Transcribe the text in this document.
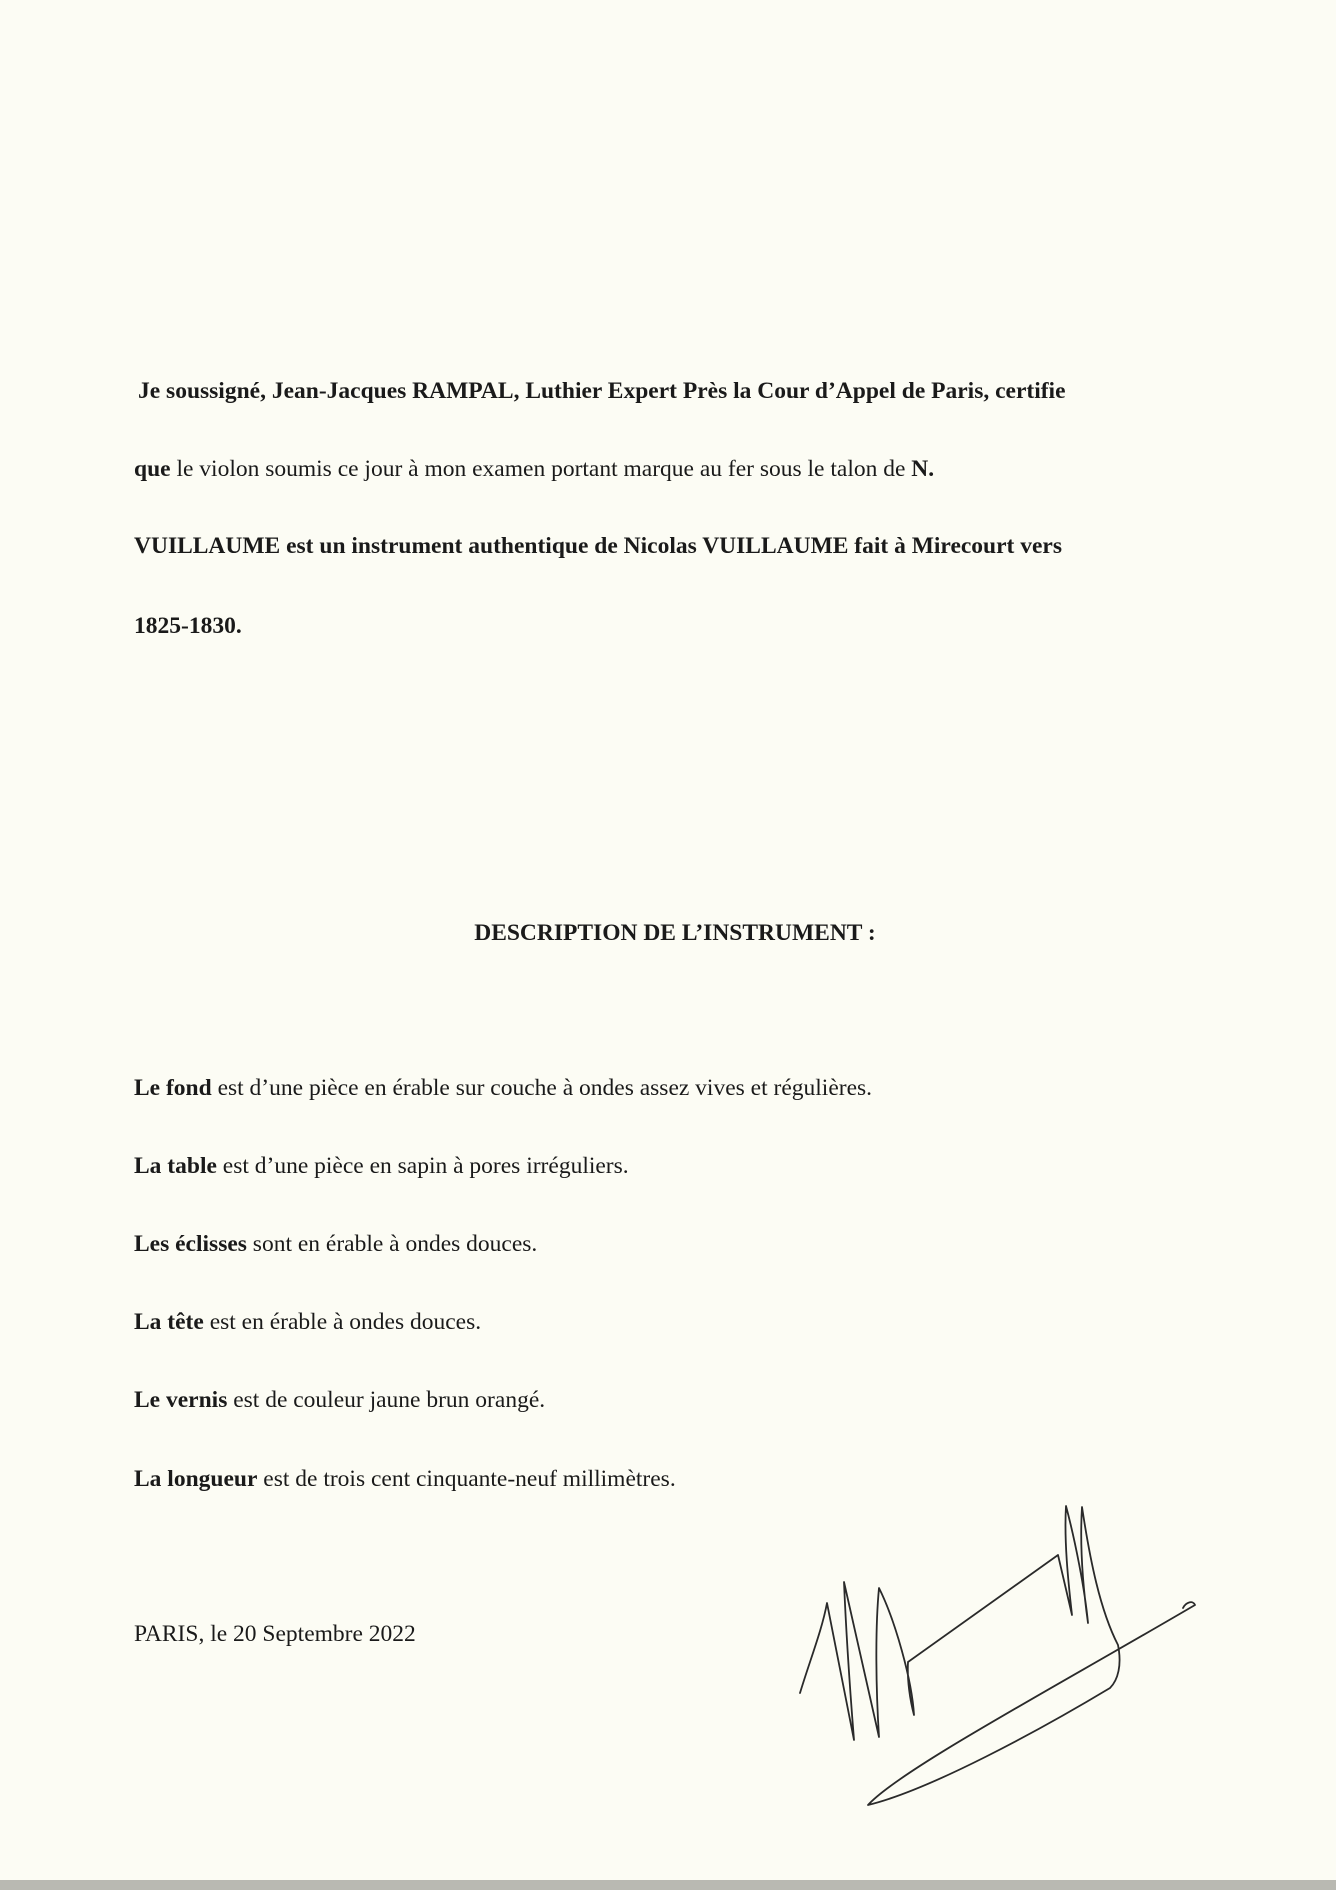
Je soussigné, Jean-Jacques RAMPAL, Luthier Expert Près la Cour d’Appel de Paris, certifie
que le violon soumis ce jour à mon examen portant marque au fer sous le talon de N.
VUILLAUME est un instrument authentique de Nicolas VUILLAUME fait à Mirecourt vers
1825-1830.
DESCRIPTION DE L’INSTRUMENT :
Le fond est d’une pièce en érable sur couche à ondes assez vives et régulières.
La table est d’une pièce en sapin à pores irréguliers.
Les éclisses sont en érable à ondes douces.
La tête est en érable à ondes douces.
Le vernis est de couleur jaune brun orangé.
La longueur est de trois cent cinquante-neuf millimètres.
PARIS, le 20 Septembre 2022
